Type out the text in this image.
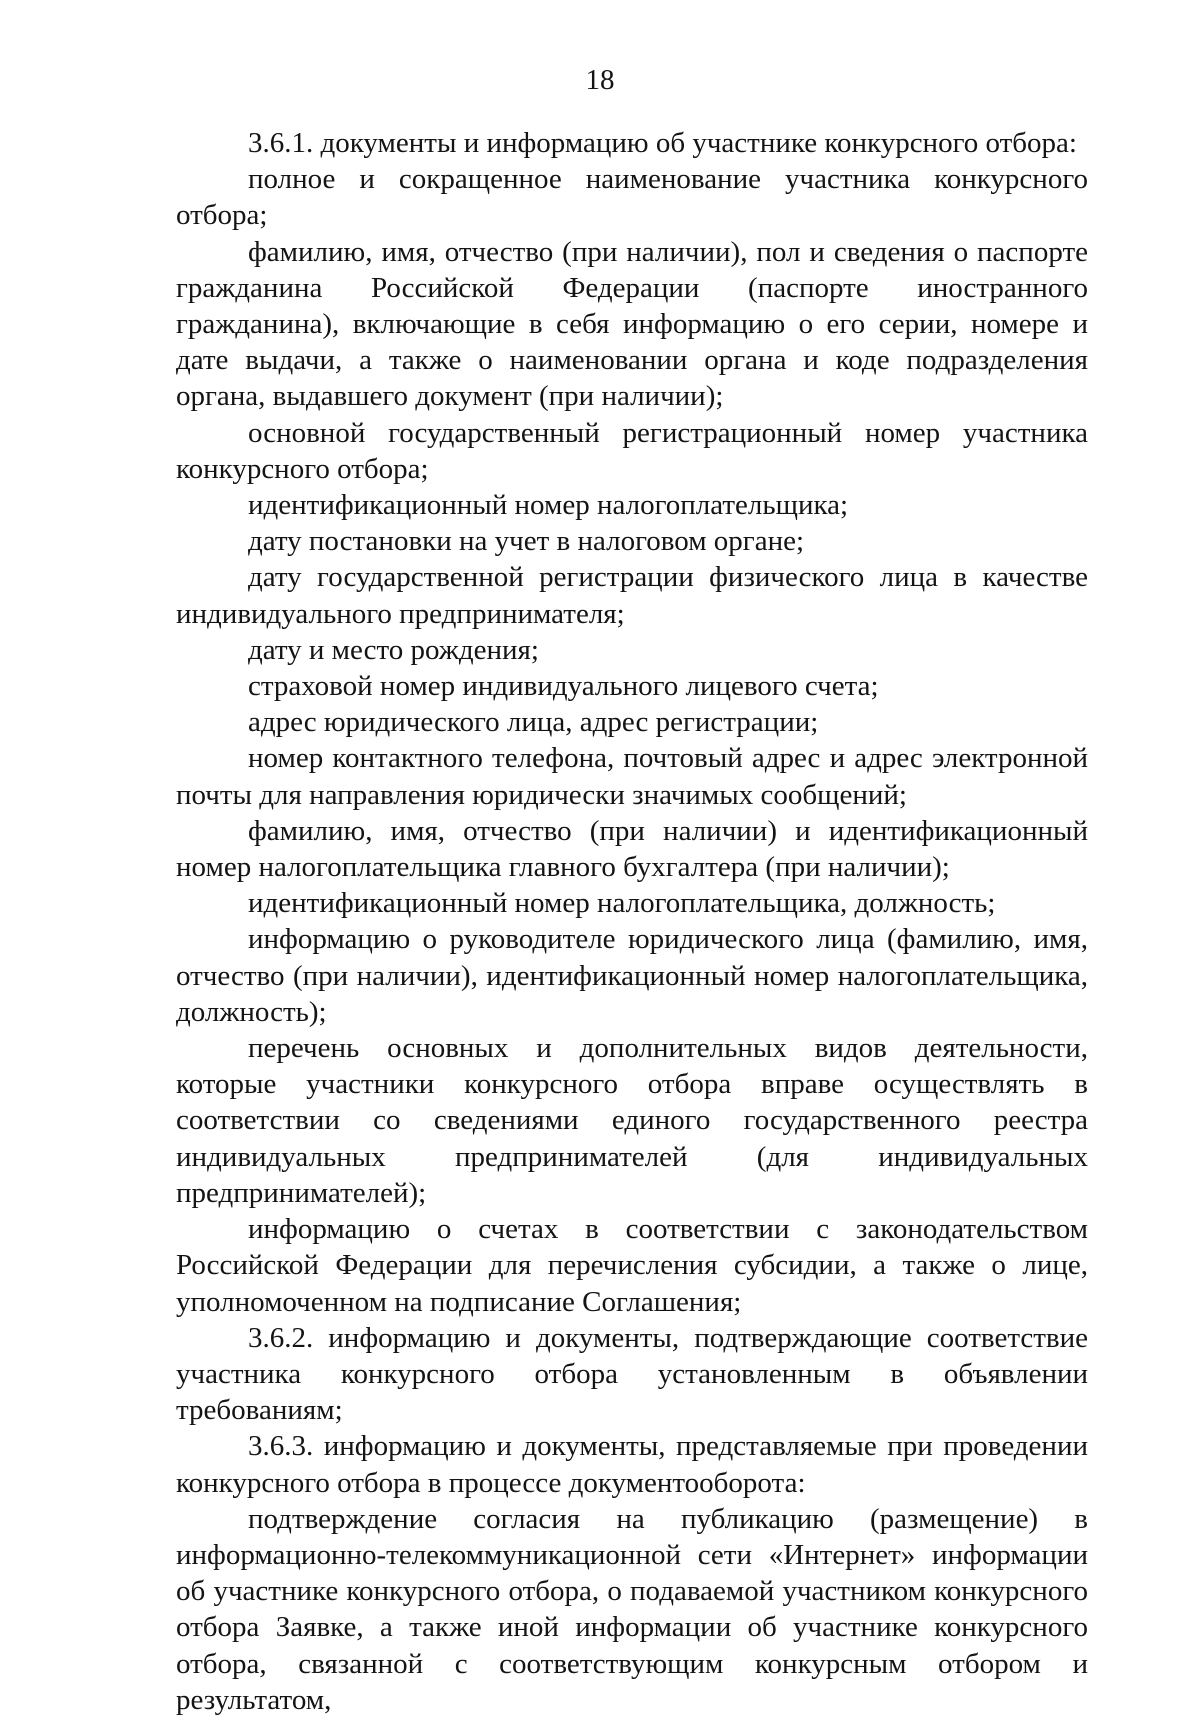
18

3.6.1. документы и информацию об участнике конкурсного отбора:

полное и сокращенное наименование участника конкурсного отбора;

фамилию, имя, отчество (при наличии), пол и сведения о паспорте гражданина Российской Федерации (паспорте иностранного гражданина), включающие в себя информацию о его серии, номере и дате выдачи, а также о наименовании органа и коде подразделения органа, выдавшего документ (при наличии);

основной государственный регистрационный номер участника конкурсного отбора;

идентификационный номер налогоплательщика;

дату постановки на учет в налоговом органе;

дату государственной регистрации физического лица в качестве индивидуального предпринимателя;

дату и место рождения;

страховой номер индивидуального лицевого счета;

адрес юридического лица, адрес регистрации;

номер контактного телефона, почтовый адрес и адрес электронной почты для направления юридически значимых сообщений;

фамилию, имя, отчество (при наличии) и идентификационный номер налогоплательщика главного бухгалтера (при наличии);

идентификационный номер налогоплательщика, должность;

информацию о руководителе юридического лица (фамилию, имя, отчество (при наличии), идентификационный номер налогоплательщика, должность);

перечень основных и дополнительных видов деятельности, которые участники конкурсного отбора вправе осуществлять в соответствии со сведениями единого государственного реестра индивидуальных предпринимателей (для индивидуальных предпринимателей);

информацию о счетах в соответствии с законодательством Российской Федерации для перечисления субсидии, а также о лице, уполномоченном на подписание Соглашения;

3.6.2. информацию и документы, подтверждающие соответствие участника конкурсного отбора установленным в объявлении требованиям;

3.6.3. информацию и документы, представляемые при проведении конкурсного отбора в процессе документооборота:

подтверждение согласия на публикацию (размещение) в информационно-телекоммуникационной сети «Интернет» информации об участнике конкурсного отбора, о подаваемой участником конкурсного отбора Заявке, а также иной информации об участнике конкурсного отбора, связанной с соответствующим конкурсным отбором и результатом,
